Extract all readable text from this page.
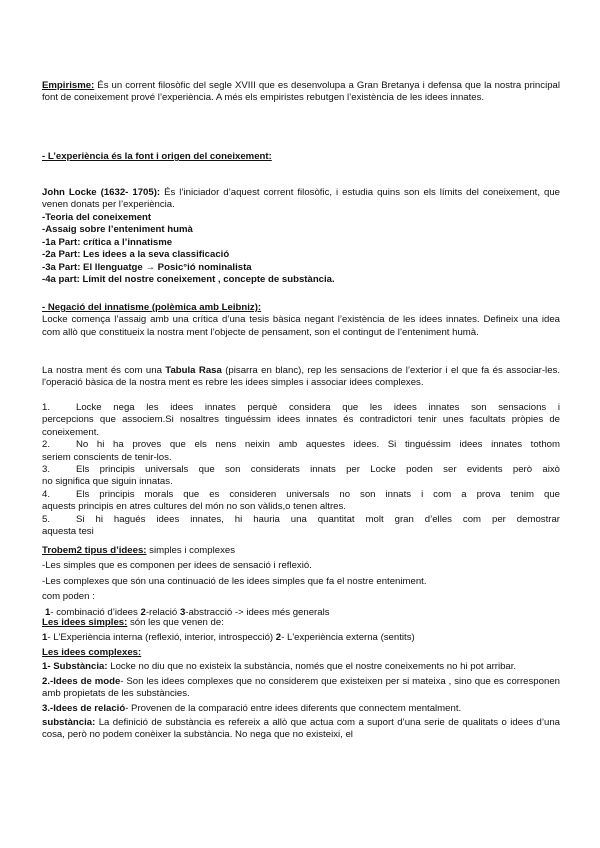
Empirisme: És un corrent filosòfic del segle XVIII que es desenvolupa a Gran Bretanya i defensa que la nostra principal font de coneixement prové l’experiència. A més els empiristes rebutgen l’existència de les idees innates.

- L’experiència és la font i origen del coneixement:

John Locke (1632- 1705): És l’iniciador d’aquest corrent filosòfic, i estudia quins son els límits del coneixement, que venen donats per l’experiència.

-Teoria del coneixement

-Assaig sobre l’enteniment humà

-1a Part: crítica a l’innatisme

-2a Part: Les idees a la seva classificació

-3a Part: El llenguatge → Posic°ió nominalista

-4a part: Límit del nostre coneixement , concepte de substància.

- Negació del innatisme (polèmica amb Leibniz):

Locke comença l’assaig amb una crítica d’una tesis bàsica negant l’existència de les idees innates. Defineix una idea com allò que constitueix la nostra ment l’objecte de pensament, son el contingut de l’enteniment humà.

La nostra ment és com una Tabula Rasa (pisarra en blanc), rep les sensacions de l’exterior i el que fa és associar-les. l'operació bàsica de la nostra ment es rebre les idees simples i associar idees complexes.

1.	Locke nega les idees innates perquè considera que les idees innates son sensacions i

percepcions que associem.Si nosaltres tinguéssim idees innates és contradictori tenir unes facultats pròpies de coneixement.

2.	No hi ha proves que els nens neixin amb aquestes idees. Si tinguéssim idees innates tothom

seriem conscients de tenir-los.

3.	Els principis universals que son considerats innats per Locke poden ser evidents però això

no significa que siguin innatas.

4.	Els principis morals que es consideren universals no son innats i com a prova tenim que

aquests principis en atres cultures del món no son vàlids,o tenen altres.

5.	Si hi hagués idees innates, hi hauria una quantitat molt gran d’elles com per demostrar

aquesta tesi

Trobem2 tipus d’idees: simples i complexes

-Les simples que es componen per idees de sensació i reflexió.

-Les complexes que són una continuació de les idees simples que fa el nostre enteniment.

com poden :

1- combinació d’idees 2-relació 3-abstracció -> idees més generals

Les idees simples: són les que venen de:

1- L'Experiència interna (reflexió, interior, introspecció) 2- L'experiència externa (sentits)

Les idees complexes:

1- Substància: Locke no diu que no existeix la substància, només que el nostre coneixements no hi pot arribar.

2.-Idees de mode- Son les idees complexes que no considerem que existeixen per si mateixa , sino que es corresponen amb propietats de les substàncies.

3.-Idees de relació- Provenen de la comparació entre idees diferents que connectem mentalment.

substància: La definició de substància es refereix a allò que actua com a suport d’una serie de qualitats o idees d’una cosa, però no podem conèixer la substància. No nega que no existeixi, el
